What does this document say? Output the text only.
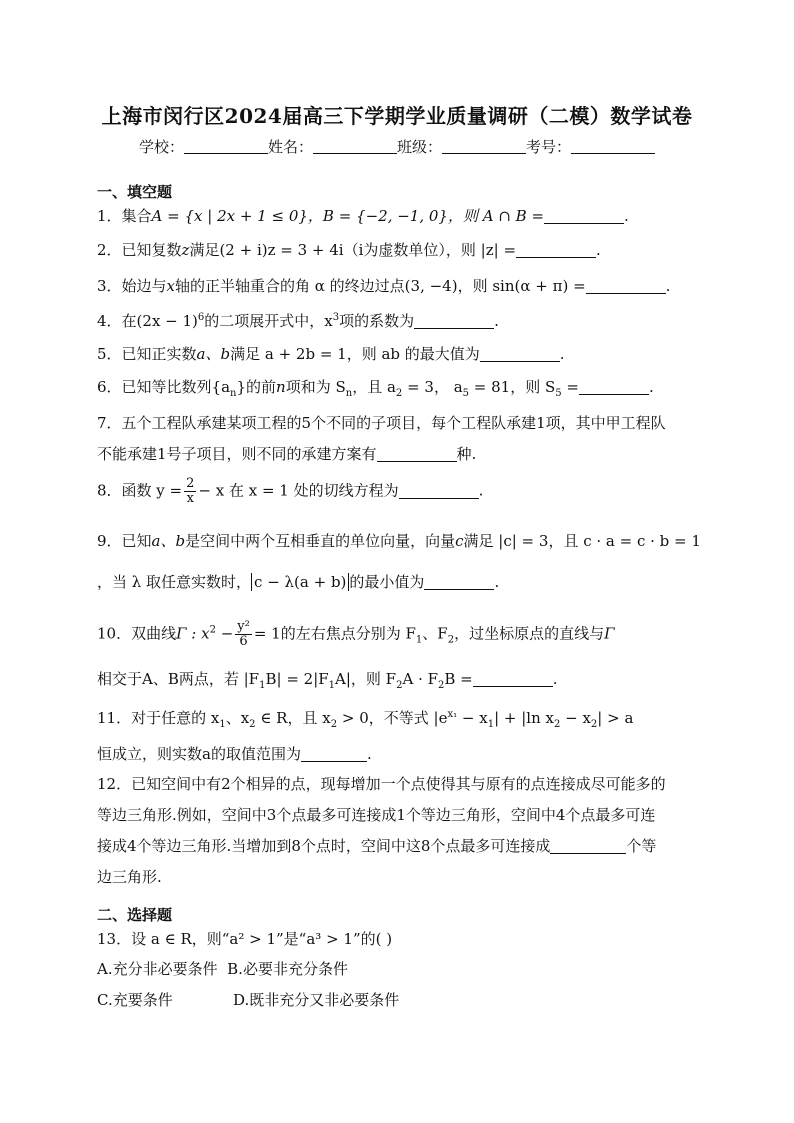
上海市闵行区2024届高三下学期学业质量调研（二模）数学试卷
学校：	姓名：	班级：	考号：
一、填空题
1．集合A = {x | 2x + 1 ≤ 0}，B = {−2, −1, 0}，则 A ∩ B =	.
2．已知复数z满足(2 + i)z = 3 + 4i（i为虚数单位），则 |z| =	.
3．始边与x轴的正半轴重合的角 α 的终边过点(3, −4)，则 sin(α + π) =	.
4．在$(2x - 1)^6$的二项展开式中，$x^3$项的系数为	.
5．已知正实数a、b满足 a + 2b = 1，则 ab 的最大值为	.
6．已知等比数列$\{a_n\}$的前n项和为 $S_n$，且 $a_2 = 3$， $a_5 = 81$，则 $S_5$ =	.
7．五个工程队承建某项工程的5个不同的子项目，每个工程队承建1项，其中甲工程队
不能承建1号子项目，则不同的承建方案有	种.
8．函数 $y = \frac{2}{x} - x$ 在 x = 1 处的切线方程为	.
9．已知a、b是空间中两个互相垂直的单位向量，向量c满足 |c| = 3，且 c · a = c · b = 1
，当 λ 取任意实数时， c − λ(a + b) 的最小值为	.
10．双曲线Γ : $x^2 - \frac{\text{y²}}{6} = 1$的左右焦点分别为 $F_1$、$F_2$，过坐标原点的直线与Γ
相交于A、B两点，若 $|F_1B| = 2|F_1A|$，则 $F_2A \cdot F_2B$ =	.
11．对于任意的 $x_1$、$x_2$ ∈ R，且 $x_2 > 0$，不等式 $|e^{x_1} - x_1| + |\ln$ $x_2 - x_2| > a$
恒成立，则实数a的取值范围为	.
12．已知空间中有2个相异的点，现每增加一个点使得其与原有的点连接成尽可能多的
等边三角形.例如，空间中3个点最多可连接成1个等边三角形，空间中4个点最多可连
接成4个等边三角形.当增加到8个点时，空间中这8个点最多可连接成	个等
边三角形.
二、选择题
13．设 a ∈ R，则“a² > 1”是“a³ > 1”的( )
A.充分非必要条件 B.必要非充分条件
C.充要条件	D.既非充分又非必要条件
